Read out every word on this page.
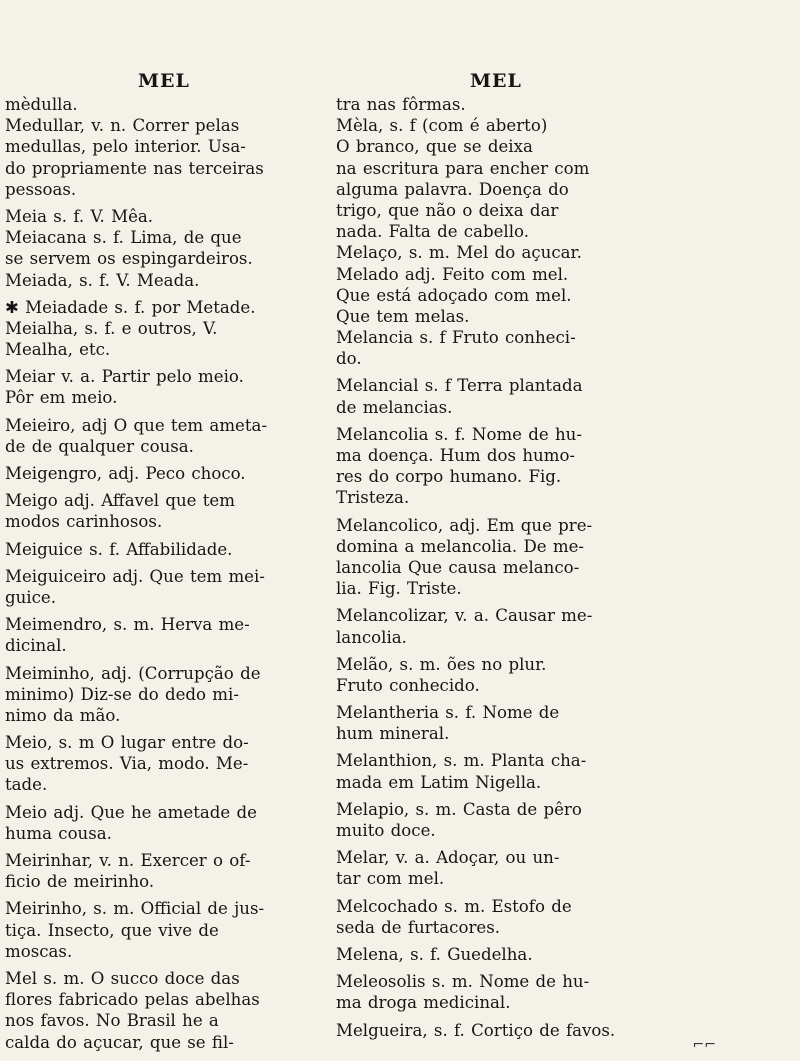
MEL	MEL
mèdulla.
Medullar, v. n. Correr pelas
medullas, pelo interior. Usa-
do propriamente nas terceiras
pessoas.
Meia s. f. V. Mêa.
Meiacana s. f. Lima, de que
se servem os espingardeiros.
Meiada, s. f. V. Meada.
✱ Meiadade s. f. por Metade.
Meialha, s. f. e outros, V.
Mealha, etc.
Meiar v. a. Partir pelo meio.
Pôr em meio.
Meieiro, adj O que tem ameta-
de de qualquer cousa.
Meigengro, adj. Peco choco.
Meigo adj. Affavel que tem
modos carinhosos.
Meiguice s. f. Affabilidade.
Meiguiceiro adj. Que tem mei-
guice.
Meimendro, s. m. Herva me-
dicinal.
Meiminho, adj. (Corrupção de
minimo) Diz-se do dedo mi-
nimo da mão.
Meio, s. m O lugar entre do-
us extremos. Via, modo. Me-
tade.
Meio adj. Que he ametade de
huma cousa.
Meirinhar, v. n. Exercer o of-
ficio de meirinho.
Meirinho, s. m. Official de jus-
tiça. Insecto, que vive de
moscas.
Mel s. m. O succo doce das
flores fabricado pelas abelhas
nos favos. No Brasil he a
calda do açucar, que se fil-
tra nas fôrmas.
Mèla, s. f (com é aberto)
O branco, que se deixa
na escritura para encher com
alguma palavra. Doença do
trigo, que não o deixa dar
nada. Falta de cabello.
Melaço, s. m. Mel do açucar.
Melado adj. Feito com mel.
Que está adoçado com mel.
Que tem melas.
Melancia s. f Fruto conheci-
do.
Melancial s. f Terra plantada
de melancias.
Melancolia s. f. Nome de hu-
ma doença. Hum dos humo-
res do corpo humano. Fig.
Tristeza.
Melancolico, adj. Em que pre-
domina a melancolia. De me-
lancolia Que causa melanco-
lia. Fig. Triste.
Melancolizar, v. a. Causar me-
lancolia.
Melão, s. m. ões no plur.
Fruto conhecido.
Melantheria s. f. Nome de
hum mineral.
Melanthion, s. m. Planta cha-
mada em Latim Nigella.
Melapio, s. m. Casta de pêro
muito doce.
Melar, v. a. Adoçar, ou un-
tar com mel.
Melcochado s. m. Estofo de
seda de furtacores.
Melena, s. f. Guedelha.
Meleosolis s. m. Nome de hu-
ma droga medicinal.
Melgueira, s. f. Cortiço de favos.
⌐⌐
